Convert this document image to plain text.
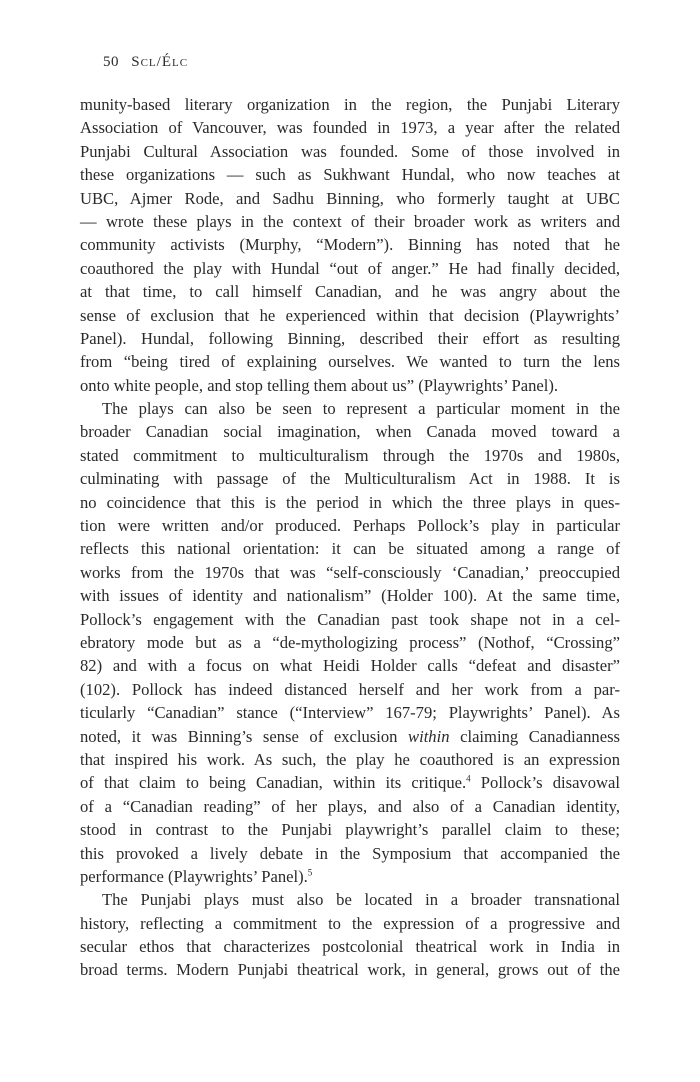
50 Scl/Élc
munity-based literary organization in the region, the Punjabi Literary
Association of Vancouver, was founded in 1973, a year after the related
Punjabi Cultural Association was founded. Some of those involved in
these organizations — such as Sukhwant Hundal, who now teaches at
UBC, Ajmer Rode, and Sadhu Binning, who formerly taught at UBC
— wrote these plays in the context of their broader work as writers and
community activists (Murphy, “Modern”). Binning has noted that he
coauthored the play with Hundal “out of anger.” He had finally decided,
at that time, to call himself Canadian, and he was angry about the
sense of exclusion that he experienced within that decision (Playwrights’
Panel). Hundal, following Binning, described their effort as resulting
from “being tired of explaining ourselves. We wanted to turn the lens
onto white people, and stop telling them about us” (Playwrights’ Panel).
The plays can also be seen to represent a particular moment in the
broader Canadian social imagination, when Canada moved toward a
stated commitment to multiculturalism through the 1970s and 1980s,
culminating with passage of the Multiculturalism Act in 1988. It is
no coincidence that this is the period in which the three plays in ques-
tion were written and/or produced. Perhaps Pollock’s play in particular
reflects this national orientation: it can be situated among a range of
works from the 1970s that was “self-consciously ‘Canadian,’ preoccupied
with issues of identity and nationalism” (Holder 100). At the same time,
Pollock’s engagement with the Canadian past took shape not in a cel-
ebratory mode but as a “de-mythologizing process” (Nothof, “Crossing”
82) and with a focus on what Heidi Holder calls “defeat and disaster”
(102). Pollock has indeed distanced herself and her work from a par-
ticularly “Canadian” stance (“Interview” 167-79; Playwrights’ Panel). As
noted, it was Binning’s sense of exclusion within claiming Canadianness
that inspired his work. As such, the play he coauthored is an expression
of that claim to being Canadian, within its critique.$^4$ Pollock’s disavowal
of a “Canadian reading” of her plays, and also of a Canadian identity,
stood in contrast to the Punjabi playwright’s parallel claim to these;
this provoked a lively debate in the Symposium that accompanied the
performance (Playwrights’ Panel).$^5$
The Punjabi plays must also be located in a broader transnational
history, reflecting a commitment to the expression of a progressive and
secular ethos that characterizes postcolonial theatrical work in India in
broad terms. Modern Punjabi theatrical work, in general, grows out of the
